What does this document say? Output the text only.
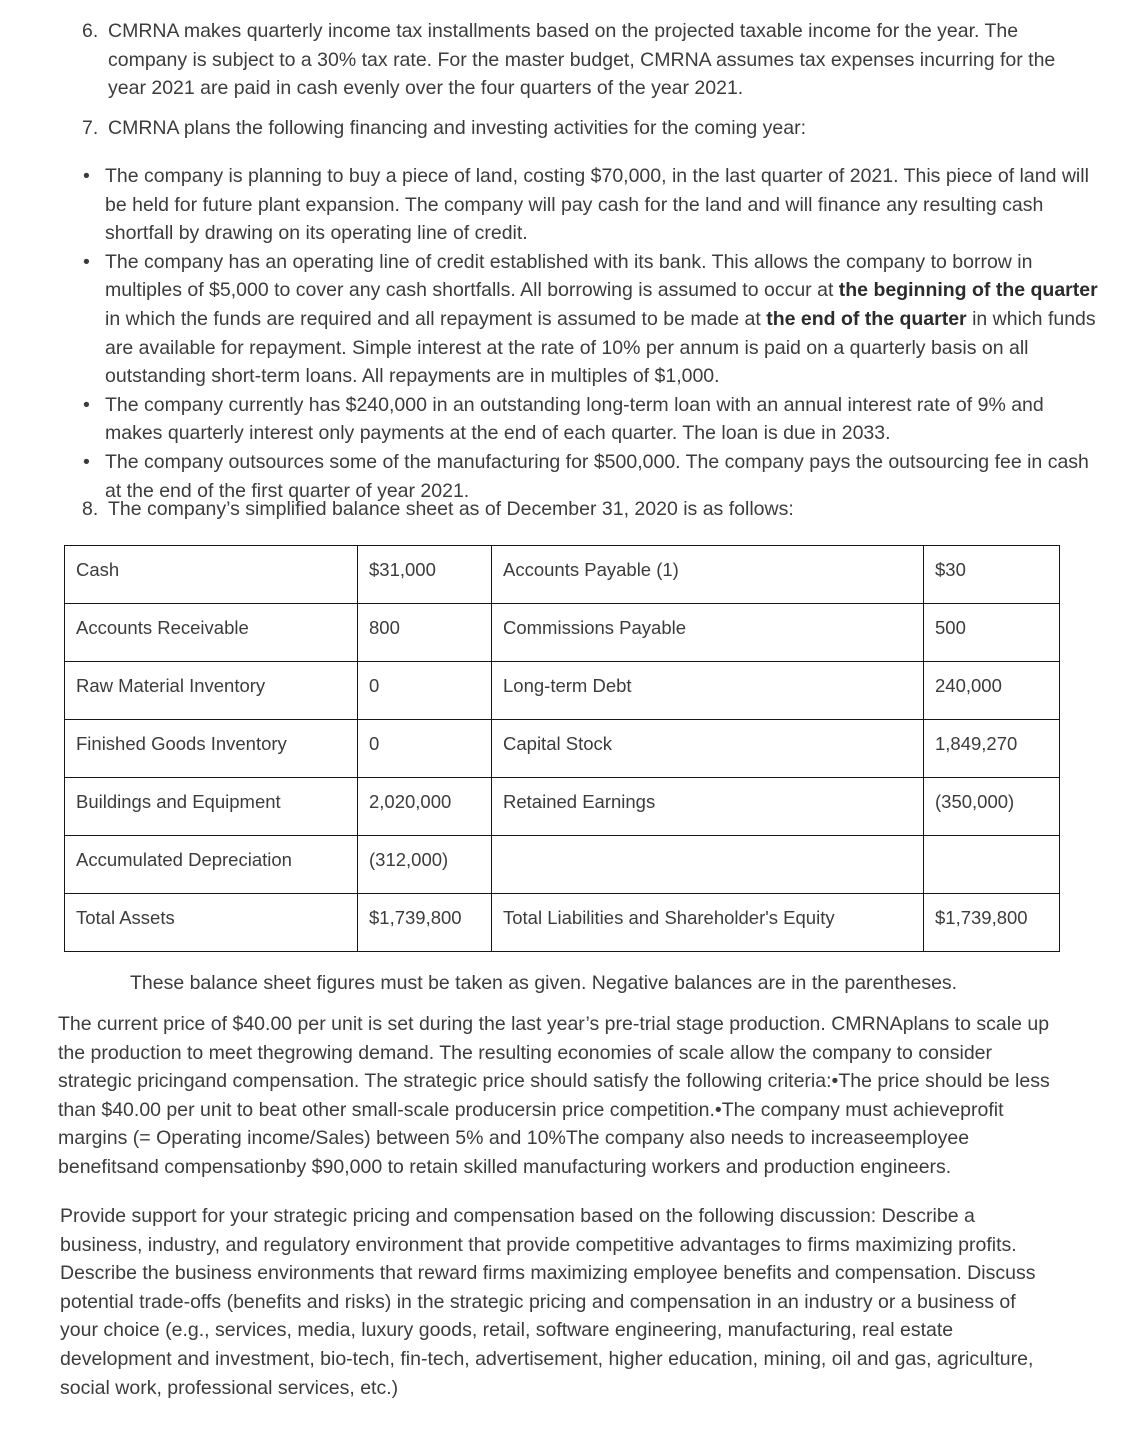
6. CMRNA makes quarterly income tax installments based on the projected taxable income for the year. The company is subject to a 30% tax rate. For the master budget, CMRNA assumes tax expenses incurring for the year 2021 are paid in cash evenly over the four quarters of the year 2021.
7. CMRNA plans the following financing and investing activities for the coming year:
• The company is planning to buy a piece of land, costing $70,000, in the last quarter of 2021. This piece of land will be held for future plant expansion. The company will pay cash for the land and will finance any resulting cash shortfall by drawing on its operating line of credit.
• The company has an operating line of credit established with its bank. This allows the company to borrow in multiples of $5,000 to cover any cash shortfalls. All borrowing is assumed to occur at the beginning of the quarter in which the funds are required and all repayment is assumed to be made at the end of the quarter in which funds are available for repayment. Simple interest at the rate of 10% per annum is paid on a quarterly basis on all outstanding short-term loans. All repayments are in multiples of $1,000.
• The company currently has $240,000 in an outstanding long-term loan with an annual interest rate of 9% and makes quarterly interest only payments at the end of each quarter. The loan is due in 2033.
• The company outsources some of the manufacturing for $500,000. The company pays the outsourcing fee in cash at the end of the first quarter of year 2021.
8. The company’s simplified balance sheet as of December 31, 2020 is as follows:
Cash	$31,000	Accounts Payable (1)	$30
Accounts Receivable	800	Commissions Payable	500
Raw Material Inventory	0	Long-term Debt	240,000
Finished Goods Inventory	0	Capital Stock	1,849,270
Buildings and Equipment	2,020,000	Retained Earnings	(350,000)
Accumulated Depreciation	(312,000)		
Total Assets	$1,739,800	Total Liabilities and Shareholder's Equity	$1,739,800
These balance sheet figures must be taken as given. Negative balances are in the parentheses.

The current price of $40.00 per unit is set during the last year’s pre-trial stage production. CMRNAplans to scale up the production to meet thegrowing demand. The resulting economies of scale allow the company to consider strategic pricingand compensation. The strategic price should satisfy the following criteria:•The price should be less than $40.00 per unit to beat other small-scale producersin price competition.•The company must achieveprofit margins (= Operating income/Sales) between 5% and 10%The company also needs to increaseemployee benefitsand compensationby $90,000 to retain skilled manufacturing workers and production engineers.

Provide support for your strategic pricing and compensation based on the following discussion: Describe a business, industry, and regulatory environment that provide competitive advantages to firms maximizing profits. Describe the business environments that reward firms maximizing employee benefits and compensation. Discuss potential trade-offs (benefits and risks) in the strategic pricing and compensation in an industry or a business of your choice (e.g., services, media, luxury goods, retail, software engineering, manufacturing, real estate development and investment, bio-tech, fin-tech, advertisement, higher education, mining, oil and gas, agriculture, social work, professional services, etc.)
